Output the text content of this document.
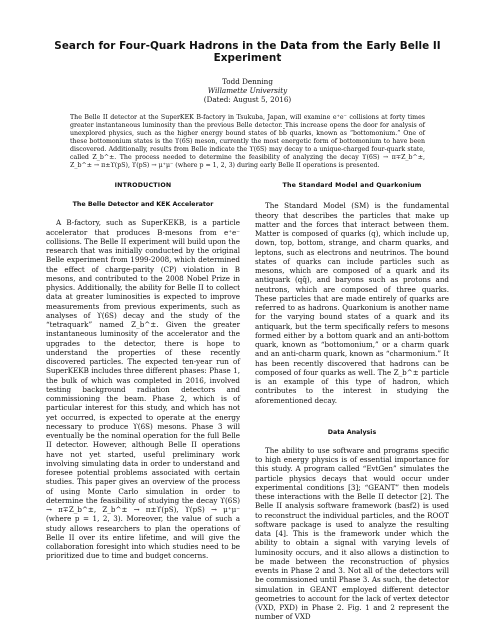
Search for Four-Quark Hadrons in the Data from the Early Belle II Experiment
Todd Denning
Willamette University
(Dated: August 5, 2016)

The Belle II detector at the SuperKEK B-factory in Tsukuba, Japan, will examine e⁺e⁻ collisions at forty times greater instantaneous luminosity than the previous Belle detector. This increase opens the door for analysis of unexplored physics, such as the higher energy bound states of bb̄ quarks, known as “bottomonium.” One of these bottomonium states is the ϒ(6S) meson, currently the most energetic form of bottomonium to have been discovered. Additionally, results from Belle indicate the ϒ(6S) may decay to a unique-charged four-quark state, called Z_b^±. The process needed to determine the feasibility of analyzing the decay ϒ(6S) → π∓Z_b^±, Z_b^± → π±ϒ(pS), ϒ(pS) → μ⁺μ⁻ (where p = 1, 2, 3) during early Belle II operations is presented.

INTRODUCTION
The Belle Detector and KEK Accelerator

A B-factory, such as SuperKEKB, is a particle accelerator that produces B-mesons from e⁺e⁻ collisions. The Belle II experiment will build upon the research that was initially conducted by the original Belle experiment from 1999-2008, which determined the effect of charge-parity (CP) violation in B mesons, and contributed to the 2008 Nobel Prize in physics. Additionally, the ability for Belle II to collect data at greater luminosities is expected to improve measurements from previous experiments, such as analyses of ϒ(6S) decay and the study of the “tetraquark” named Z_b^±. Given the greater instantaneous luminosity of the accelerator and the upgrades to the detector, there is hope to understand the properties of these recently discovered particles. The expected ten-year run of SuperKEKB includes three different phases: Phase 1, the bulk of which was completed in 2016, involved testing background radiation detectors and commissioning the beam. Phase 2, which is of particular interest for this study, and which has not yet occurred, is expected to operate at the energy necessary to produce ϒ(6S) mesons. Phase 3 will eventually be the nominal operation for the full Belle II detector. However, although Belle II operations have not yet started, useful preliminary work involving simulating data in order to understand and foresee potential problems associated with certain studies. This paper gives an overview of the process of using Monte Carlo simulation in order to determine the feasibility of studying the decay ϒ(6S) → π∓Z_b^±, Z_b^± → π±ϒ(pS), ϒ(pS) → μ⁺μ⁻ (where p = 1, 2, 3). Moreover, the value of such a study allows researchers to plan the operations of Belle II over its entire lifetime, and will give the collaboration foresight into which studies need to be prioritized due to time and budget concerns.

The Standard Model and Quarkonium

The Standard Model (SM) is the fundamental theory that describes the particles that make up matter and the forces that interact between them. Matter is composed of quarks (q), which include up, down, top, bottom, strange, and charm quarks, and leptons, such as electrons and neutrinos. The bound states of quarks can include particles such as mesons, which are composed of a quark and its antiquark (qq̄), and baryons such as protons and neutrons, which are composed of three quarks. These particles that are made entirely of quarks are referred to as hadrons. Quarkonium is another name for the varying bound states of a quark and its antiquark, but the term specifically refers to mesons formed either by a bottom quark and an anti-bottom quark, known as “bottomonium,” or a charm quark and an anti-charm quark, known as “charmonium.” It has been recently discovered that hadrons can be composed of four quarks as well. The Z_b^± particle is an example of this type of hadron, which contributes to the interest in studying the aforementioned decay.

Data Analysis

The ability to use software and programs specific to high energy physics is of essential importance for this study. A program called “EvtGen” simulates the particle physics decays that would occur under experimental conditions [3]; “GEANT” then models these interactions with the Belle II detector [2]. The Belle II analysis software framework (basf2) is used to reconstruct the individual particles, and the ROOT software package is used to analyze the resulting data [4]. This is the framework under which the ability to obtain a signal with varying levels of luminosity occurs, and it also allows a distinction to be made between the reconstruction of physics events in Phase 2 and 3. Not all of the detectors will be commissioned until Phase 3. As such, the detector simulation in GEANT employed different detector geometries to account for the lack of vertex detector (VXD, PXD) in Phase 2. Fig. 1 and 2 represent the number of VXD
